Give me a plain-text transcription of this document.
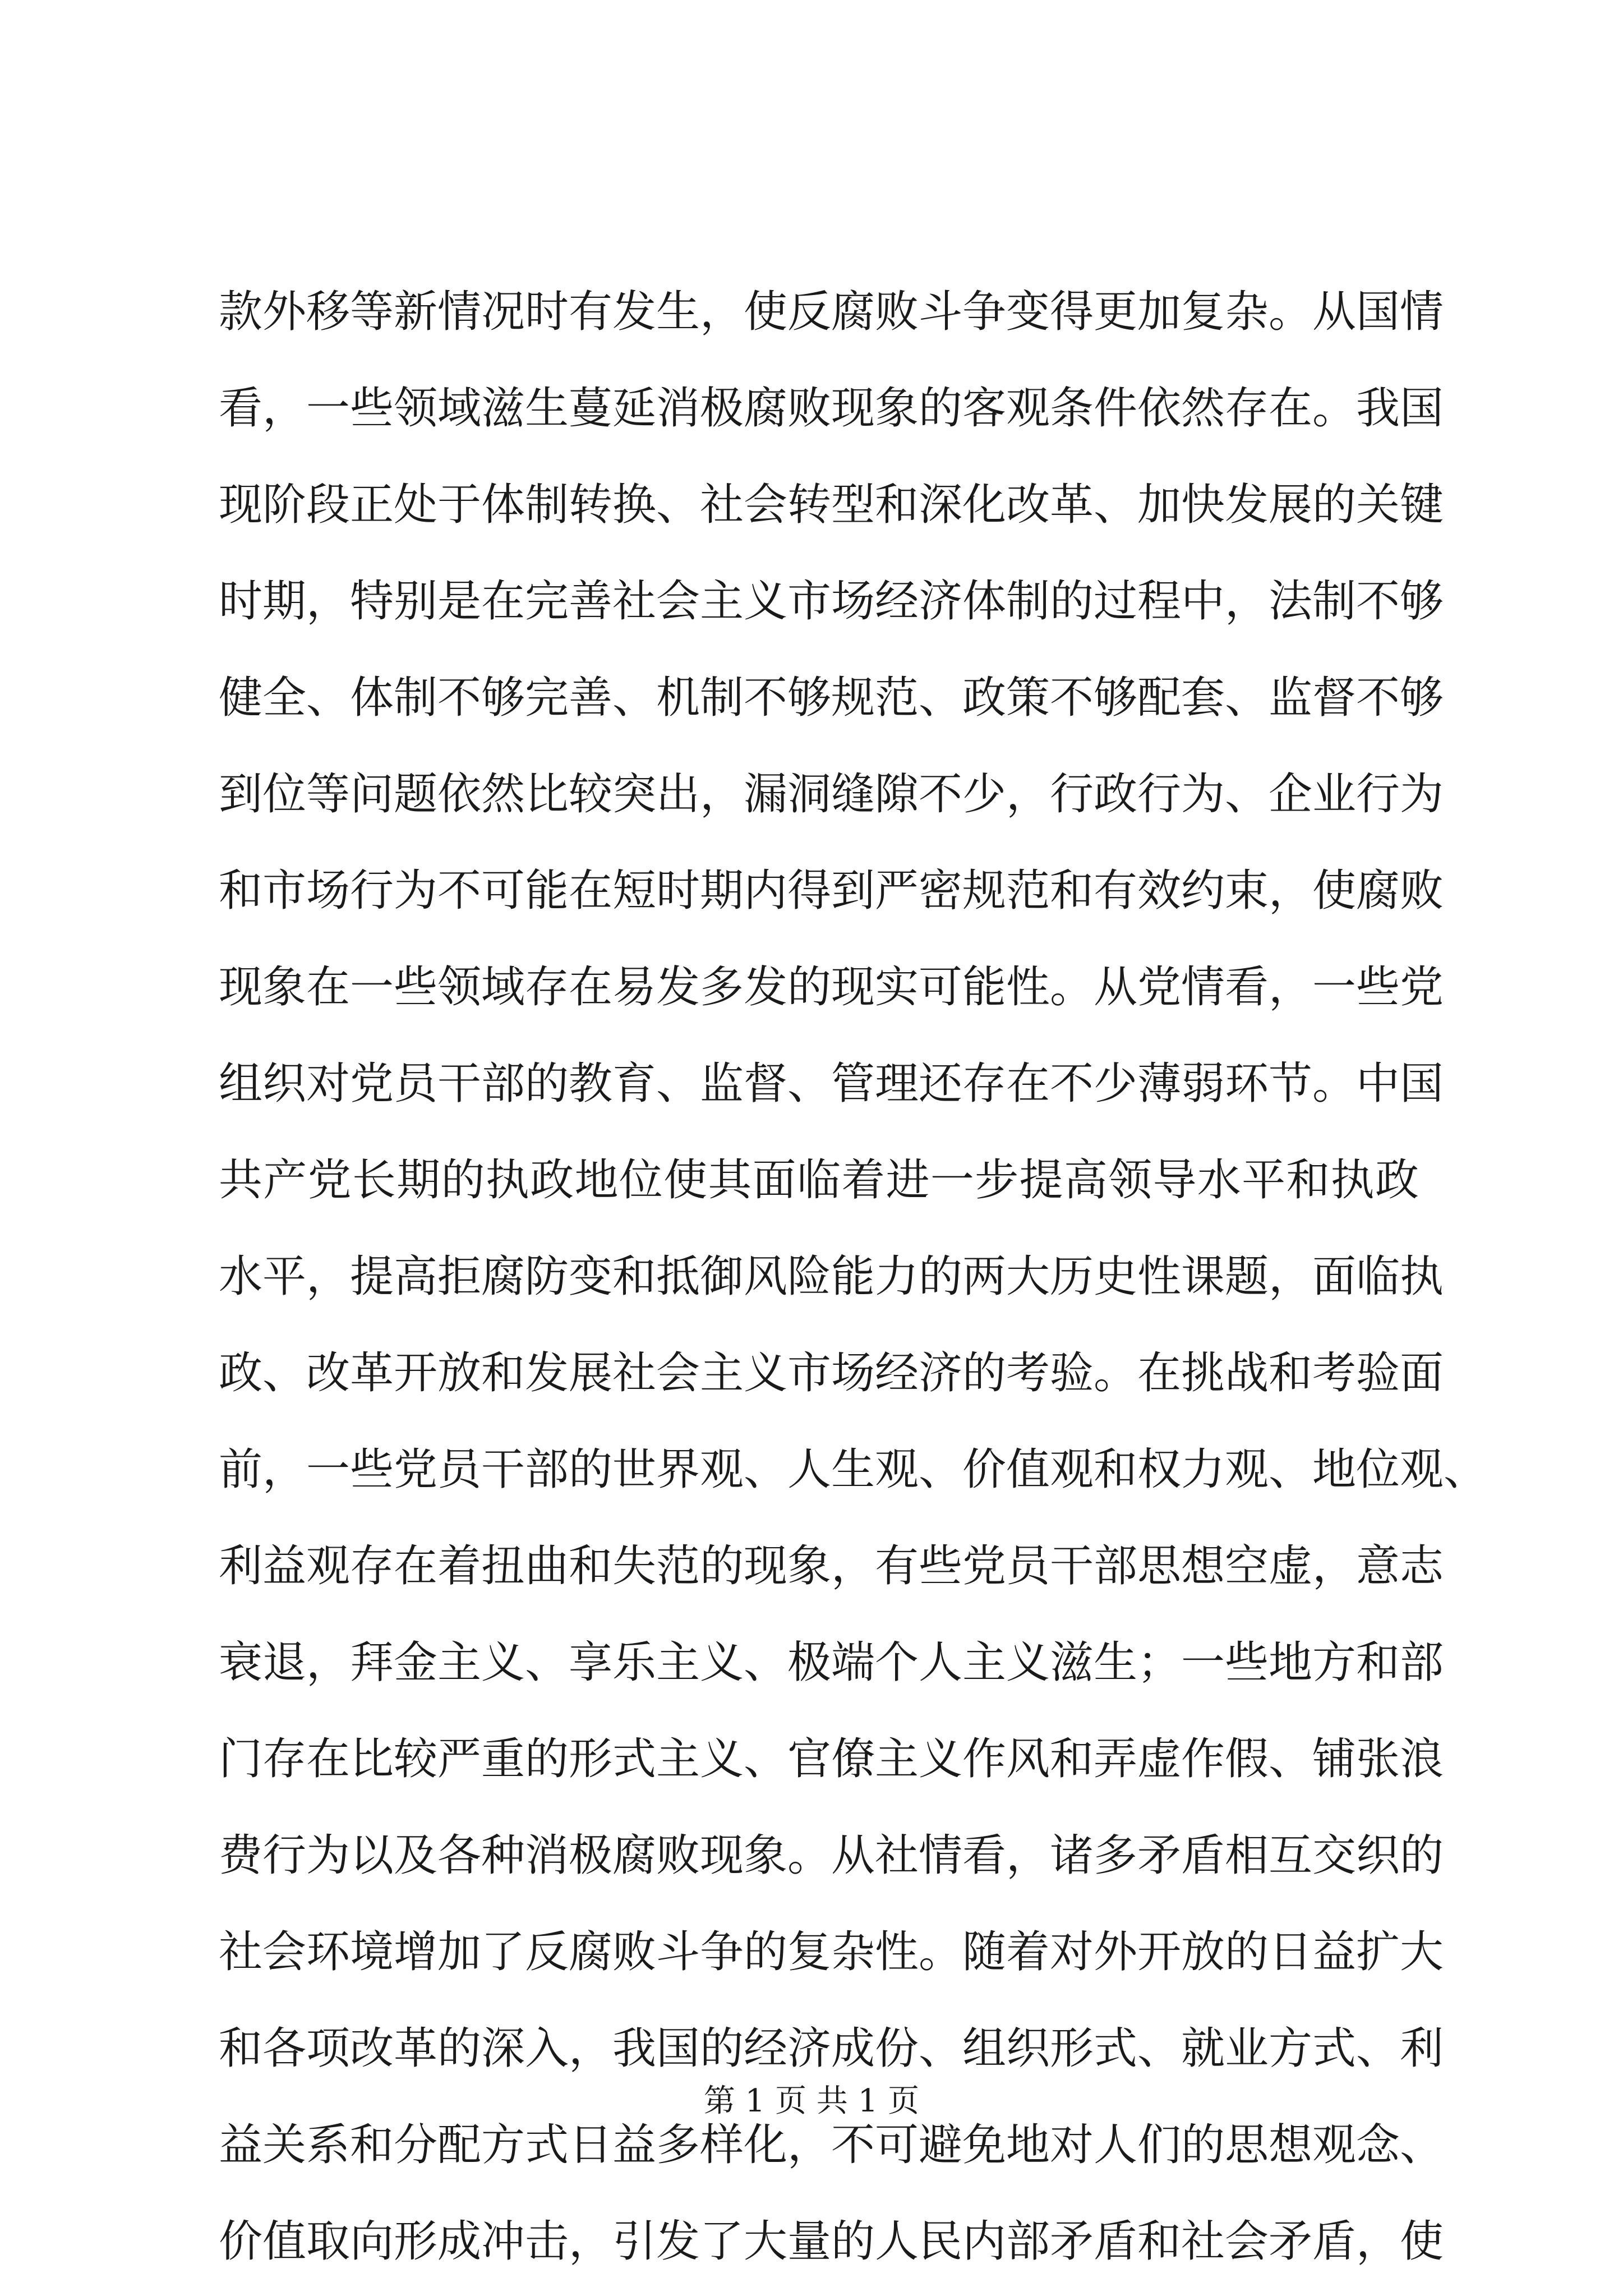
款外移等新情况时有发生，使反腐败斗争变得更加复杂。从国情
看，一些领域滋生蔓延消极腐败现象的客观条件依然存在。我国
现阶段正处于体制转换、社会转型和深化改革、加快发展的关键
时期，特别是在完善社会主义市场经济体制的过程中，法制不够
健全、体制不够完善、机制不够规范、政策不够配套、监督不够
到位等问题依然比较突出，漏洞缝隙不少，行政行为、企业行为
和市场行为不可能在短时期内得到严密规范和有效约束，使腐败
现象在一些领域存在易发多发的现实可能性。从党情看，一些党
组织对党员干部的教育、监督、管理还存在不少薄弱环节。中国
共产党长期的执政地位使其面临着进一步提高领导水平和执政
水平，提高拒腐防变和抵御风险能力的两大历史性课题，面临执
政、改革开放和发展社会主义市场经济的考验。在挑战和考验面
前，一些党员干部的世界观、人生观、价值观和权力观、地位观、
利益观存在着扭曲和失范的现象，有些党员干部思想空虚，意志
衰退，拜金主义、享乐主义、极端个人主义滋生；一些地方和部
门存在比较严重的形式主义、官僚主义作风和弄虚作假、铺张浪
费行为以及各种消极腐败现象。从社情看，诸多矛盾相互交织的
社会环境增加了反腐败斗争的复杂性。随着对外开放的日益扩大
和各项改革的深入，我国的经济成份、组织形式、就业方式、利
益关系和分配方式日益多样化，不可避免地对人们的思想观念、
价值取向形成冲击，引发了大量的人民内部矛盾和社会矛盾，使
第 1 页 共 1 页
